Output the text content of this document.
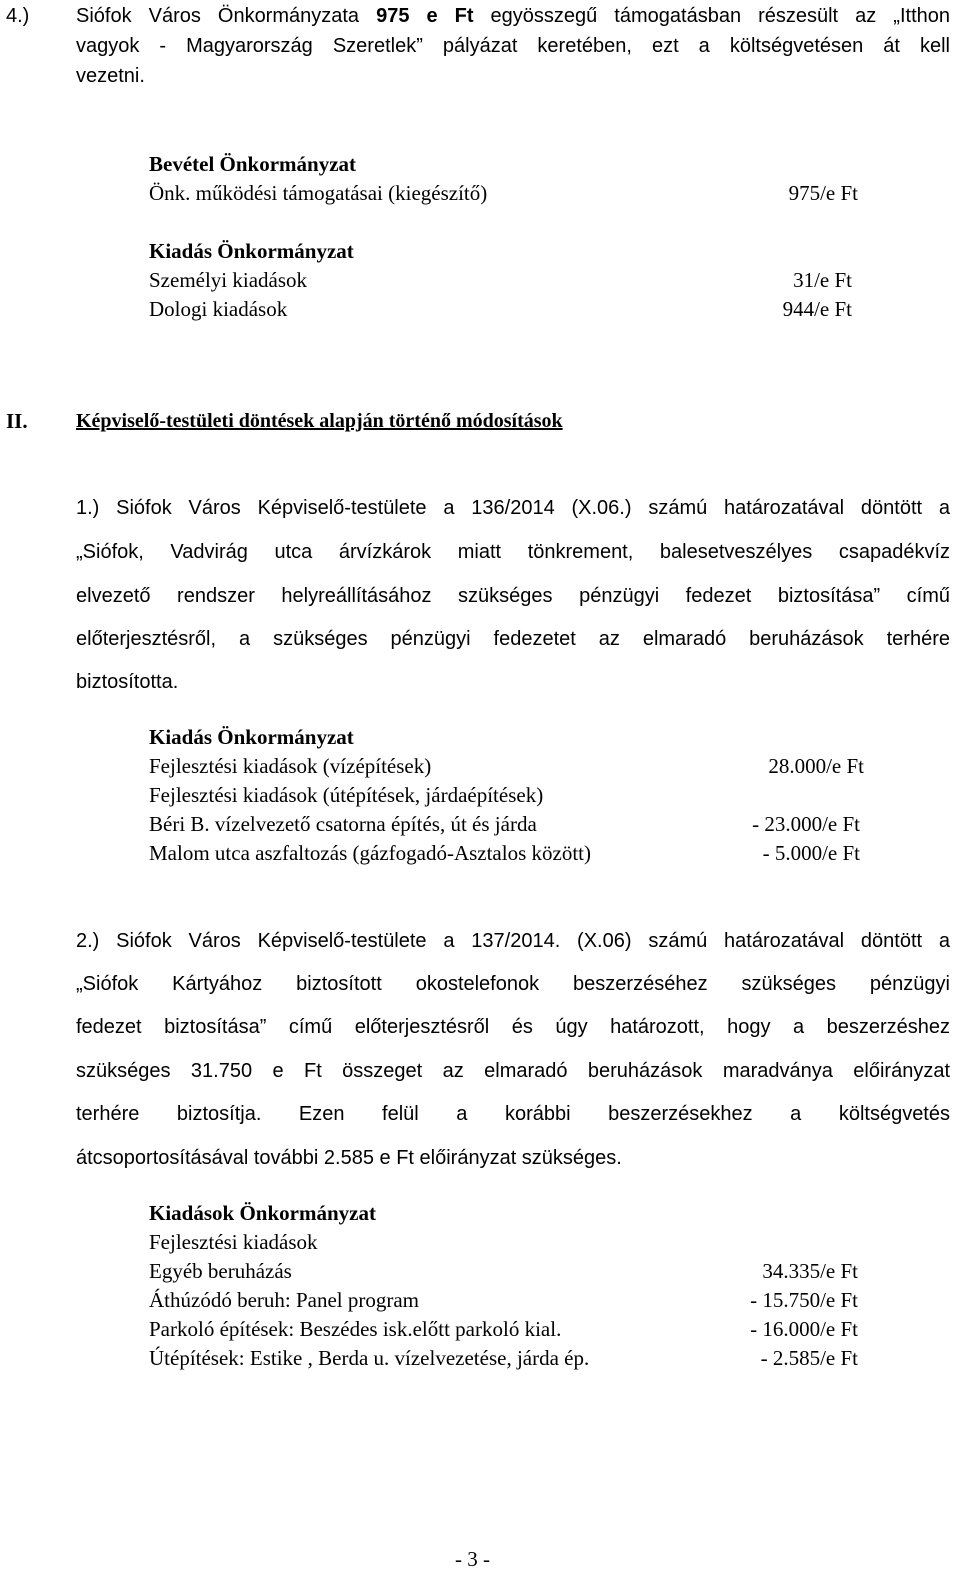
4.) Siófok Város Önkormányzata 975 e Ft egyösszegű támogatásban részesült az „Itthon
vagyok - Magyarország Szeretlek” pályázat keretében, ezt a költségvetésen át kell
vezetni.
Bevétel Önkormányzat
Önk. működési támogatásai (kiegészítő)	975/e Ft
Kiadás Önkormányzat
Személyi kiadások	31/e Ft
Dologi kiadások	944/e Ft
II. Képviselő-testületi döntések alapján történő módosítások
1.) Siófok Város Képviselő-testülete a 136/2014 (X.06.) számú határozatával döntött a
„Siófok, Vadvirág utca árvízkárok miatt tönkrement, balesetveszélyes csapadékvíz
elvezető rendszer helyreállításához szükséges pénzügyi fedezet biztosítása” című
előterjesztésről, a szükséges pénzügyi fedezetet az elmaradó beruházások terhére
biztosította.
Kiadás Önkormányzat
Fejlesztési kiadások (vízépítések)	28.000/e Ft
Fejlesztési kiadások (útépítések, járdaépítések)
Béri B. vízelvezető csatorna építés, út és járda	- 23.000/e Ft
Malom utca aszfaltozás (gázfogadó-Asztalos között)	- 5.000/e Ft
2.) Siófok Város Képviselő-testülete a 137/2014. (X.06) számú határozatával döntött a
„Siófok Kártyához biztosított okostelefonok beszerzéséhez szükséges pénzügyi
fedezet biztosítása” című előterjesztésről és úgy határozott, hogy a beszerzéshez
szükséges 31.750 e Ft összeget az elmaradó beruházások maradványa előirányzat
terhére biztosítja. Ezen felül a korábbi beszerzésekhez a költségvetés
átcsoportosításával további 2.585 e Ft előirányzat szükséges.
Kiadások Önkormányzat
Fejlesztési kiadások
Egyéb beruházás	34.335/e Ft
Áthúzódó beruh: Panel program	- 15.750/e Ft
Parkoló építések: Beszédes isk.előtt parkoló kial.	- 16.000/e Ft
Útépítések: Estike , Berda u. vízelvezetése, járda ép.	- 2.585/e Ft
- 3 -
